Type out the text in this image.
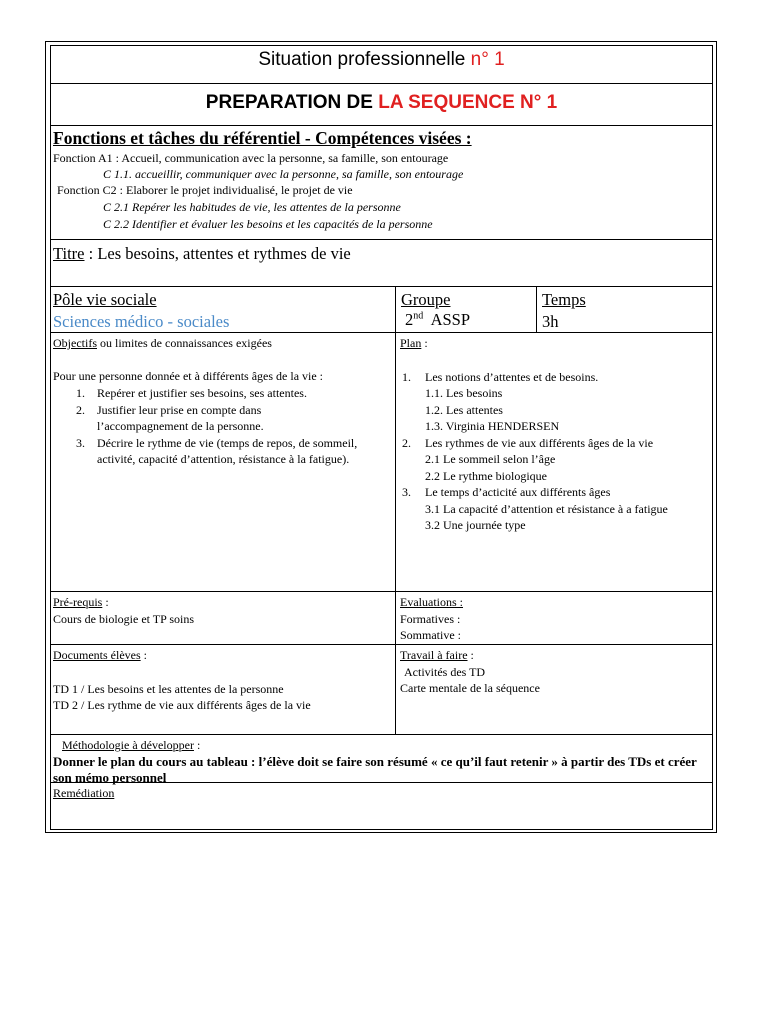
Situation professionnelle n° 1
PREPARATION DE LA SEQUENCE N° 1
Fonctions et tâches du référentiel - Compétences visées :
Fonction A1 : Accueil, communication avec la personne, sa famille, son entourage
C 1.1. accueillir, communiquer avec la personne, sa famille, son entourage
Fonction C2 : Elaborer le projet individualisé, le projet de vie
C 2.1 Repérer les habitudes de vie, les attentes de la personne
C 2.2 Identifier et évaluer les besoins et les capacités de la personne
Titre : Les besoins, attentes et rythmes de vie
Pôle vie sociale
Sciences médico - sociales
Groupe
2nd ASSP
Temps
3h
Objectifs ou limites de connaissances exigées
Pour une personne donnée et à différents âges de la vie :
1. Repérer et justifier ses besoins, ses attentes.
2. Justifier leur prise en compte dans l’accompagnement de la personne.
3. Décrire le rythme de vie (temps de repos, de sommeil, activité, capacité d’attention, résistance à la fatigue).
Plan :
1. Les notions d’attentes et de besoins.
1.1. Les besoins
1.2. Les attentes
1.3. Virginia HENDERSEN
2. Les rythmes de vie aux différents âges de la vie
2.1 Le sommeil selon l’âge
2.2 Le rythme biologique
3. Le temps d’acticité aux différents âges
3.1 La capacité d’attention et résistance à a fatigue
3.2 Une journée type
Pré-requis :
Cours de biologie et TP soins
Evaluations :
Formatives :
Sommative :
Documents élèves :
TD 1 / Les besoins et les attentes de la personne
TD 2 / Les rythme de vie aux différents âges de la vie
Travail à faire :
Activités des TD
Carte mentale de la séquence
Méthodologie à développer :
Donner le plan du cours au tableau : l’élève doit se faire son résumé « ce qu’il faut retenir » à partir des TDs et créer son mémo personnel
Remédiation
